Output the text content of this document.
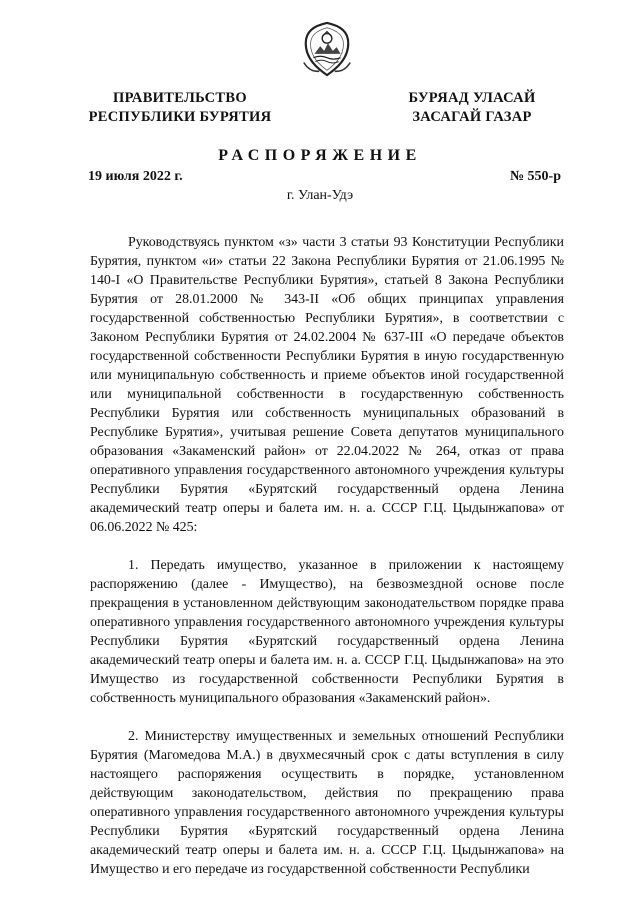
ПРАВИТЕЛЬСТВО
РЕСПУБЛИКИ БУРЯТИЯ
БУРЯАД УЛАСАЙ
ЗАСАГАЙ ГАЗАР
РАСПОРЯЖЕНИЕ
19 июля 2022 г.	№ 550-р
г. Улан-Удэ

Руководствуясь пунктом «з» части 3 статьи 93 Конституции Республики Бурятия, пунктом «и» статьи 22 Закона Республики Бурятия от 21.06.1995 № 140-I «О Правительстве Республики Бурятия», статьей 8 Закона Республики Бурятия от 28.01.2000 № 343-II «Об общих принципах управления государственной собственностью Республики Бурятия», в соответствии с Законом Республики Бурятия от 24.02.2004 № 637-III «О передаче объектов государственной собственности Республики Бурятия в иную государственную или муниципальную собственность и приеме объектов иной государственной или муниципальной собственности в государственную собственность Республики Бурятия или собственность муниципальных образований в Республике Бурятия», учитывая решение Совета депутатов муниципального образования «Закаменский район» от 22.04.2022 № 264, отказ от права оперативного управления государственного автономного учреждения культуры Республики Бурятия «Бурятский государственный ордена Ленина академический театр оперы и балета им. н. а. СССР Г.Ц. Цыдынжапова» от 06.06.2022 № 425:

1. Передать имущество, указанное в приложении к настоящему распоряжению (далее - Имущество), на безвозмездной основе после прекращения в установленном действующим законодательством порядке права оперативного управления государственного автономного учреждения культуры Республики Бурятия «Бурятский государственный ордена Ленина академический театр оперы и балета им. н. а. СССР Г.Ц. Цыдынжапова» на это Имущество из государственной собственности Республики Бурятия в собственность муниципального образования «Закаменский район».

2. Министерству имущественных и земельных отношений Республики Бурятия (Магомедова М.А.) в двухмесячный срок с даты вступления в силу настоящего распоряжения осуществить в порядке, установленном действующим законодательством, действия по прекращению права оперативного управления государственного автономного учреждения культуры Республики Бурятия «Бурятский государственный ордена Ленина академический театр оперы и балета им. н. а. СССР Г.Ц. Цыдынжапова» на Имущество и его передаче из государственной собственности Республики
